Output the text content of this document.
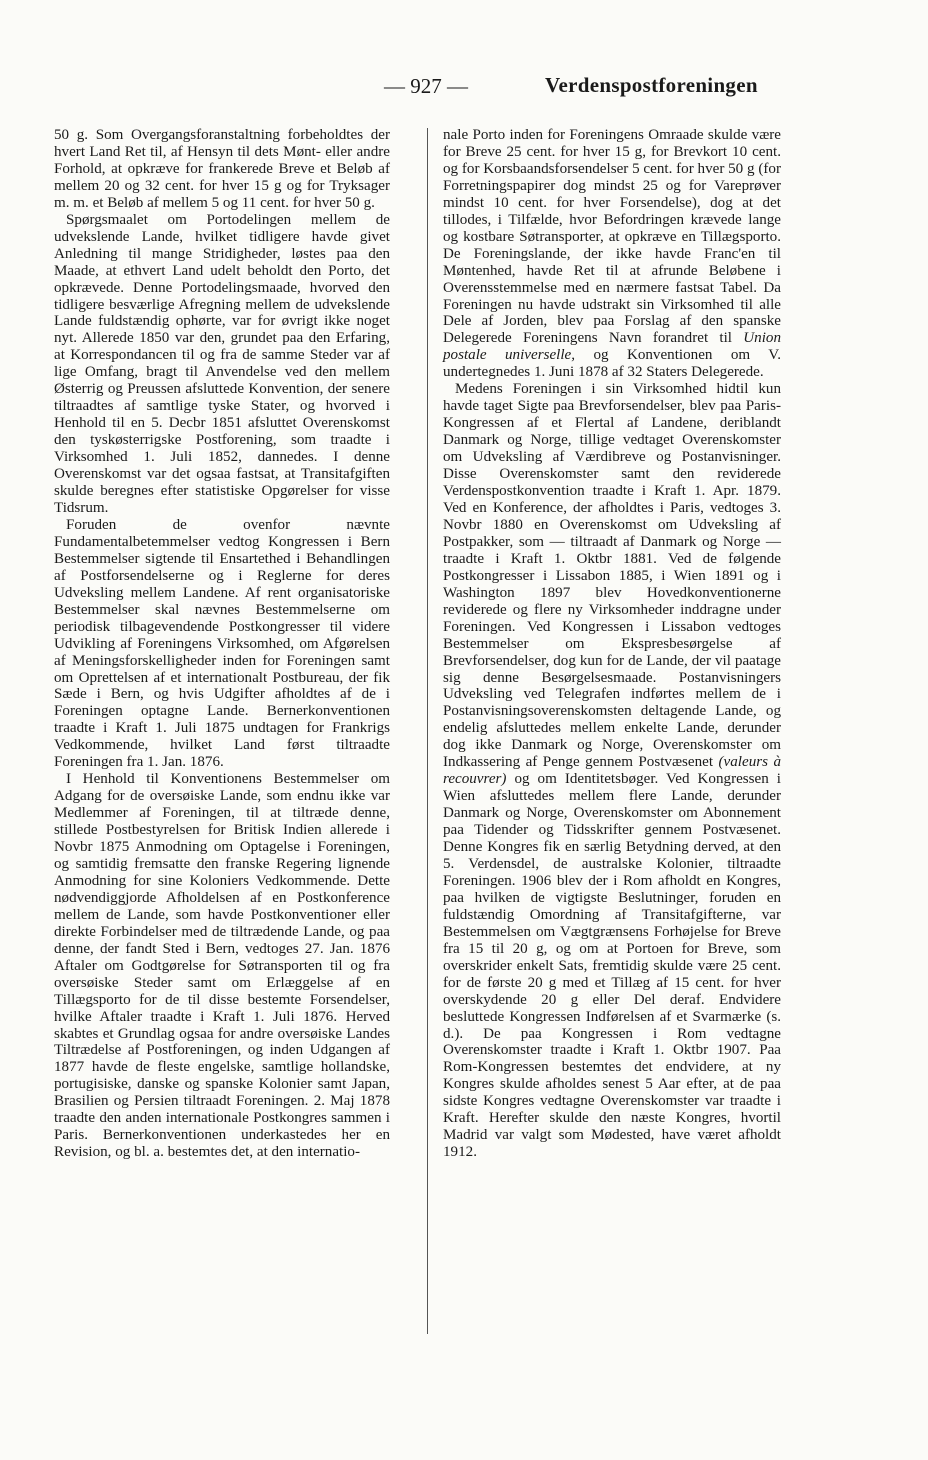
— 927 —	Verdenspostforeningen

50 g. Som Overgangsforanstaltning forbeholdtes der hvert Land Ret til, af Hensyn til dets Mønt- eller andre Forhold, at opkræve for frankerede Breve et Beløb af mellem 20 og 32 cent. for hver 15 g og for Tryksager m. m. et Beløb af mellem 5 og 11 cent. for hver 50 g.

Spørgsmaalet om Portodelingen mellem de udvekslende Lande, hvilket tidligere havde givet Anledning til mange Stridigheder, løstes paa den Maade, at ethvert Land udelt beholdt den Porto, det opkrævede. Denne Portodelingsmaade, hvorved den tidligere besværlige Afregning mellem de udvekslende Lande fuldstændig ophørte, var for øvrigt ikke noget nyt. Allerede 1850 var den, grundet paa den Erfaring, at Korrespondancen til og fra de samme Steder var af lige Omfang, bragt til Anvendelse ved den mellem Østerrig og Preussen afsluttede Konvention, der senere tiltraadtes af samtlige tyske Stater, og hvorved i Henhold til en 5. Decbr 1851 afsluttet Overenskomst den tyskøsterrigske Postforening, som traadte i Virksomhed 1. Juli 1852, dannedes. I denne Overenskomst var det ogsaa fastsat, at Transitafgiften skulde beregnes efter statistiske Opgørelser for visse Tidsrum.

Foruden de ovenfor nævnte Fundamentalbetemmelser vedtog Kongressen i Bern Bestemmelser sigtende til Ensartethed i Behandlingen af Postforsendelserne og i Reglerne for deres Udveksling mellem Landene. Af rent organisatoriske Bestemmelser skal nævnes Bestemmelserne om periodisk tilbagevendende Postkongresser til videre Udvikling af Foreningens Virksomhed, om Afgørelsen af Meningsforskelligheder inden for Foreningen samt om Oprettelsen af et internationalt Postbureau, der fik Sæde i Bern, og hvis Udgifter afholdtes af de i Foreningen optagne Lande. Bernerkonventionen traadte i Kraft 1. Juli 1875 undtagen for Frankrigs Vedkommende, hvilket Land først tiltraadte Foreningen fra 1. Jan. 1876.

I Henhold til Konventionens Bestemmelser om Adgang for de oversøiske Lande, som endnu ikke var Medlemmer af Foreningen, til at tiltræde denne, stillede Postbestyrelsen for Britisk Indien allerede i Novbr 1875 Anmodning om Optagelse i Foreningen, og samtidig fremsatte den franske Regering lignende Anmodning for sine Koloniers Vedkommende. Dette nødvendiggjorde Afholdelsen af en Postkonference mellem de Lande, som havde Postkonventioner eller direkte Forbindelser med de tiltrædende Lande, og paa denne, der fandt Sted i Bern, vedtoges 27. Jan. 1876 Aftaler om Godtgørelse for Søtransporten til og fra oversøiske Steder samt om Erlæggelse af en Tillægsporto for de til disse bestemte Forsendelser, hvilke Aftaler traadte i Kraft 1. Juli 1876. Herved skabtes et Grundlag ogsaa for andre oversøiske Landes Tiltrædelse af Postforeningen, og inden Udgangen af 1877 havde de fleste engelske, samtlige hollandske, portugisiske, danske og spanske Kolonier samt Japan, Brasilien og Persien tiltraadt Foreningen. 2. Maj 1878 traadte den anden internationale Postkongres sammen i Paris. Bernerkonventionen underkastedes her en Revision, og bl. a. bestemtes det, at den internatio-

nale Porto inden for Foreningens Omraade skulde være for Breve 25 cent. for hver 15 g, for Brevkort 10 cent. og for Korsbaandsforsendelser 5 cent. for hver 50 g (for Forretningspapirer dog mindst 25 og for Vareprøver mindst 10 cent. for hver Forsendelse), dog at det tillodes, i Tilfælde, hvor Befordringen krævede lange og kostbare Søtransporter, at opkræve en Tillægsporto. De Foreningslande, der ikke havde Franc'en til Møntenhed, havde Ret til at afrunde Beløbene i Overensstemmelse med en nærmere fastsat Tabel. Da Foreningen nu havde udstrakt sin Virksomhed til alle Dele af Jorden, blev paa Forslag af den spanske Delegerede Foreningens Navn forandret til Union postale universelle, og Konventionen om V. undertegnedes 1. Juni 1878 af 32 Staters Delegerede.

Medens Foreningen i sin Virksomhed hidtil kun havde taget Sigte paa Brevforsendelser, blev paa Paris-Kongressen af et Flertal af Landene, deriblandt Danmark og Norge, tillige vedtaget Overenskomster om Udveksling af Værdibreve og Postanvisninger. Disse Overenskomster samt den reviderede Verdenspostkonvention traadte i Kraft 1. Apr. 1879. Ved en Konference, der afholdtes i Paris, vedtoges 3. Novbr 1880 en Overenskomst om Udveksling af Postpakker, som — tiltraadt af Danmark og Norge — traadte i Kraft 1. Oktbr 1881. Ved de følgende Postkongresser i Lissabon 1885, i Wien 1891 og i Washington 1897 blev Hovedkonventionerne reviderede og flere ny Virksomheder inddragne under Foreningen. Ved Kongressen i Lissabon vedtoges Bestemmelser om Ekspresbesørgelse af Brevforsendelser, dog kun for de Lande, der vil paatage sig denne Besørgelsesmaade. Postanvisningers Udveksling ved Telegrafen indførtes mellem de i Postanvisningsoverenskomsten deltagende Lande, og endelig afsluttedes mellem enkelte Lande, derunder dog ikke Danmark og Norge, Overenskomster om Indkassering af Penge gennem Postvæsenet (valeurs à recouvrer) og om Identitetsbøger. Ved Kongressen i Wien afsluttedes mellem flere Lande, derunder Danmark og Norge, Overenskomster om Abonnement paa Tidender og Tidsskrifter gennem Postvæsenet. Denne Kongres fik en særlig Betydning derved, at den 5. Verdensdel, de australske Kolonier, tiltraadte Foreningen. 1906 blev der i Rom afholdt en Kongres, paa hvilken de vigtigste Beslutninger, foruden en fuldstændig Omordning af Transitafgifterne, var Bestemmelsen om Vægtgrænsens Forhøjelse for Breve fra 15 til 20 g, og om at Portoen for Breve, som overskrider enkelt Sats, fremtidig skulde være 25 cent. for de første 20 g med et Tillæg af 15 cent. for hver overskydende 20 g eller Del deraf. Endvidere besluttede Kongressen Indførelsen af et Svarmærke (s. d.). De paa Kongressen i Rom vedtagne Overenskomster traadte i Kraft 1. Oktbr 1907. Paa Rom-Kongressen bestemtes det endvidere, at ny Kongres skulde afholdes senest 5 Aar efter, at de paa sidste Kongres vedtagne Overenskomster var traadte i Kraft. Herefter skulde den næste Kongres, hvortil Madrid var valgt som Mødested, have været afholdt 1912.
